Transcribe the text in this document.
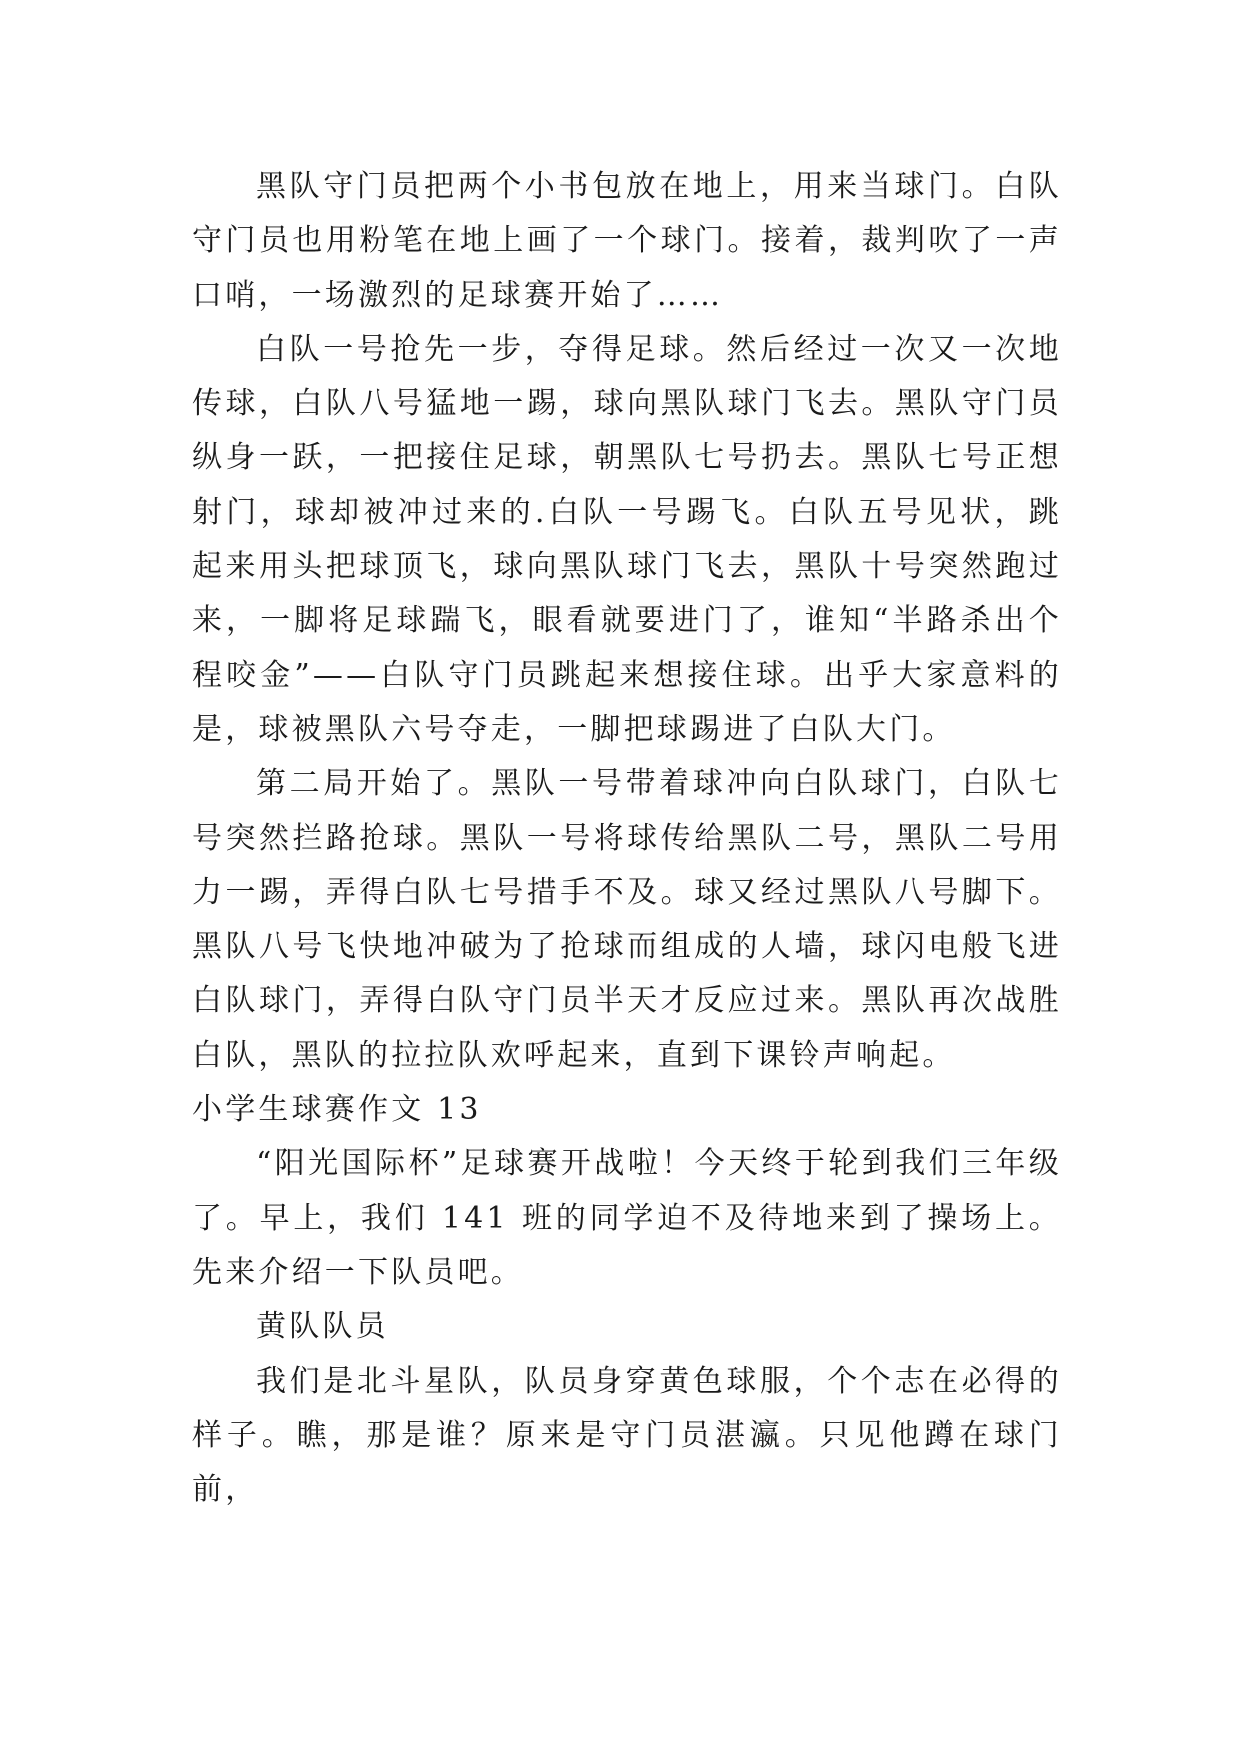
黑队守门员把两个小书包放在地上，用来当球门。白队守门员也用粉笔在地上画了一个球门。接着，裁判吹了一声口哨，一场激烈的足球赛开始了……

白队一号抢先一步，夺得足球。然后经过一次又一次地传球，白队八号猛地一踢，球向黑队球门飞去。黑队守门员纵身一跃，一把接住足球，朝黑队七号扔去。黑队七号正想射门，球却被冲过来的.白队一号踢飞。白队五号见状，跳起来用头把球顶飞，球向黑队球门飞去，黑队十号突然跑过来，一脚将足球踹飞，眼看就要进门了，谁知“半路杀出个程咬金”——白队守门员跳起来想接住球。出乎大家意料的是，球被黑队六号夺走，一脚把球踢进了白队大门。

第二局开始了。黑队一号带着球冲向白队球门，白队七号突然拦路抢球。黑队一号将球传给黑队二号，黑队二号用力一踢，弄得白队七号措手不及。球又经过黑队八号脚下。黑队八号飞快地冲破为了抢球而组成的人墙，球闪电般飞进白队球门，弄得白队守门员半天才反应过来。黑队再次战胜白队，黑队的拉拉队欢呼起来，直到下课铃声响起。

小学生球赛作文 13

“阳光国际杯”足球赛开战啦！今天终于轮到我们三年级了。早上，我们 141 班的同学迫不及待地来到了操场上。先来介绍一下队员吧。

黄队队员

我们是北斗星队，队员身穿黄色球服，个个志在必得的样子。瞧，那是谁？原来是守门员湛瀛。只见他蹲在球门前，
